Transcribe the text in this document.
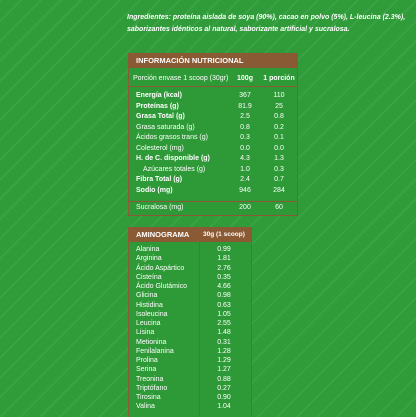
Ingredientes: proteína aislada de soya (90%), cacao en polvo (5%), L-leucina (2.3%), saborizantes idénticos al natural, saborizante artificial y sucralosa.

INFORMACIÓN NUTRICIONAL
Porción envase 1 scoop (30gr)	100g	1 porción
Energía (kcal)	367	110
Proteínas (g)	81.9	25
Grasa Total (g)	2.5	0.8
Grasa saturada (g)	0.8	0.2
Ácidos grasos trans (g)	0.3	0.1
Colesterol (mg)	0.0	0.0
H. de C. disponible (g)	4.3	1.3
Azúcares totales (g)	1.0	0.3
Fibra Total (g)	2.4	0.7
Sodio (mg)	946	284
Sucralosa (mg)	200	60
AMINOGRAMA 30g (1 scoop)
Alanina	0.99
Arginina	1.81
Ácido Aspártico	2.76
Cisteína	0.35
Ácido Glutámico	4.66
Glicina	0.98
Histidina	0.63
Isoleucina	1.05
Leucina	2.55
Lisina	1.48
Metionina	0.31
Fenilalanina	1.28
Prolina	1.29
Serina	1.27
Treonina	0.88
Triptófano	0.27
Tirosina	0.90
Valina	1.04
